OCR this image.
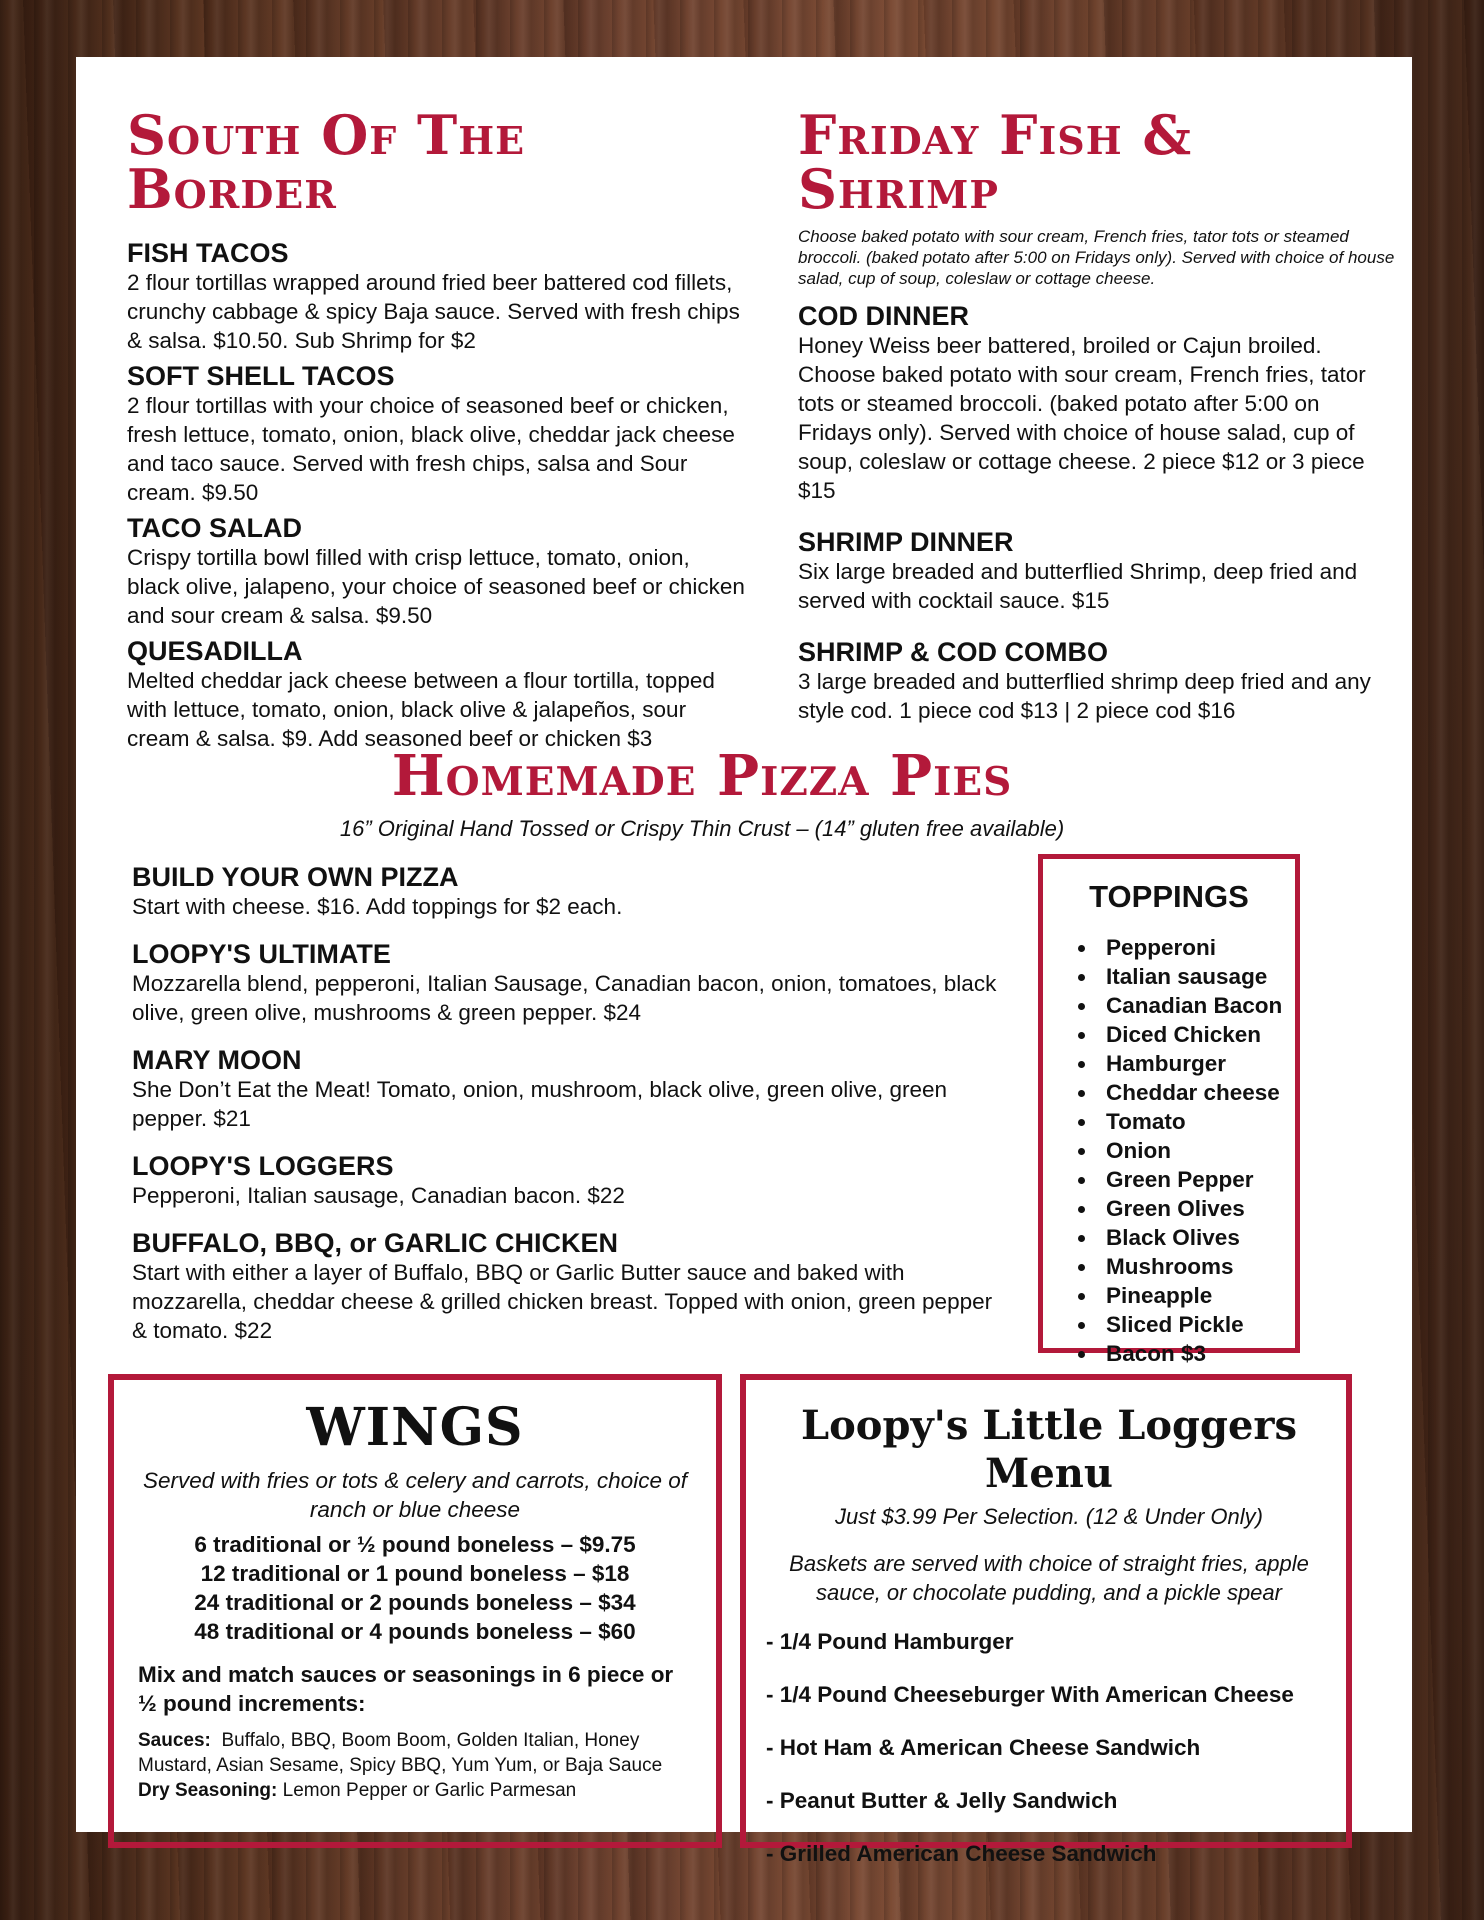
South Of The Border

FISH TACOS

2 flour tortillas wrapped around fried beer battered cod fillets, crunchy cabbage & spicy Baja sauce. Served with fresh chips & salsa. $10.50. Sub Shrimp for $2

SOFT SHELL TACOS

2 flour tortillas with your choice of seasoned beef or chicken, fresh lettuce, tomato, onion, black olive, cheddar jack cheese and taco sauce. Served with fresh chips, salsa and Sour cream. $9.50

TACO SALAD

Crispy tortilla bowl filled with crisp lettuce, tomato, onion, black olive, jalapeno, your choice of seasoned beef or chicken and sour cream & salsa. $9.50

QUESADILLA

Melted cheddar jack cheese between a flour tortilla, topped with lettuce, tomato, onion, black olive & jalapeños, sour cream & salsa. $9. Add seasoned beef or chicken $3

Friday Fish & Shrimp

Choose baked potato with sour cream, French fries, tator tots or steamed broccoli. (baked potato after 5:00 on Fridays only). Served with choice of house salad, cup of soup, coleslaw or cottage cheese.

COD DINNER

Honey Weiss beer battered, broiled or Cajun broiled. Choose baked potato with sour cream, French fries, tator tots or steamed broccoli. (baked potato after 5:00 on Fridays only). Served with choice of house salad, cup of soup, coleslaw or cottage cheese. 2 piece $12 or 3 piece $15

SHRIMP DINNER

Six large breaded and butterflied Shrimp, deep fried and served with cocktail sauce. $15

SHRIMP & COD COMBO

3 large breaded and butterflied shrimp deep fried and any style cod. 1 piece cod $13 | 2 piece cod $16

Homemade Pizza Pies
16” Original Hand Tossed or Crispy Thin Crust – (14” gluten free available)

BUILD YOUR OWN PIZZA

Start with cheese. $16. Add toppings for $2 each.

LOOPY'S ULTIMATE

Mozzarella blend, pepperoni, Italian Sausage, Canadian bacon, onion, tomatoes, black olive, green olive, mushrooms & green pepper. $24

MARY MOON

She Don’t Eat the Meat! Tomato, onion, mushroom, black olive, green olive, green pepper. $21

LOOPY'S LOGGERS

Pepperoni, Italian sausage, Canadian bacon. $22

BUFFALO, BBQ, or GARLIC CHICKEN

Start with either a layer of Buffalo, BBQ or Garlic Butter sauce and baked with mozzarella, cheddar cheese & grilled chicken breast. Topped with onion, green pepper & tomato. $22

TOPPINGS
Pepperoni
Italian sausage
Canadian Bacon
Diced Chicken
Hamburger
Cheddar cheese
Tomato
Onion
Green Pepper
Green Olives
Black Olives
Mushrooms
Pineapple
Sliced Pickle
Bacon $3
WINGS

Served with fries or tots & celery and carrots, choice of ranch or blue cheese

6 traditional or ½ pound boneless – $9.75
12 traditional or 1 pound boneless – $18
24 traditional or 2 pounds boneless – $34
48 traditional or 4 pounds boneless – $60

Mix and match sauces or seasonings in 6 piece or ½ pound increments:

Sauces: Buffalo, BBQ, Boom Boom, Golden Italian, Honey Mustard, Asian Sesame, Spicy BBQ, Yum Yum, or Baja Sauce
Dry Seasoning: Lemon Pepper or Garlic Parmesan

Loopy's Little Loggers Menu

Just $3.99 Per Selection. (12 & Under Only)

Baskets are served with choice of straight fries, apple sauce, or chocolate pudding, and a pickle spear

- 1/4 Pound Hamburger

- 1/4 Pound Cheeseburger With American Cheese

- Hot Ham & American Cheese Sandwich

- Peanut Butter & Jelly Sandwich

- Grilled American Cheese Sandwich
